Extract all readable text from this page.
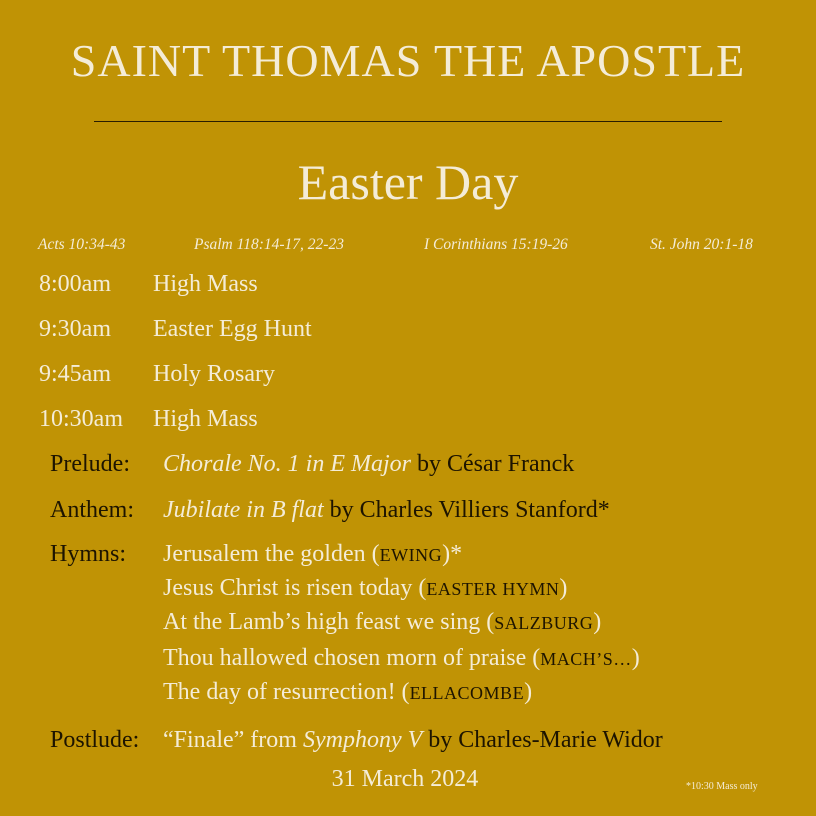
SAINT THOMAS THE APOSTLE
Easter Day
Acts 10:34-43	Psalm 118:14-17, 22-23	I Corinthians 15:19-26	St. John 20:1-18
8:00am High Mass
9:30am Easter Egg Hunt
9:45am Holy Rosary
10:30am High Mass
Prelude: Chorale No. 1 in E Major by César Franck
Anthem: Jubilate in B flat by Charles Villiers Stanford*
Hymns: Jerusalem the golden (EWING)*
Jesus Christ is risen today (EASTER HYMN)
At the Lamb’s high feast we sing (SALZBURG)
Thou hallowed chosen morn of praise (MACH’S…)
The day of resurrection! (ELLACOMBE)
Postlude: “Finale” from Symphony V by Charles-Marie Widor
31 March 2024	*10:30 Mass only
